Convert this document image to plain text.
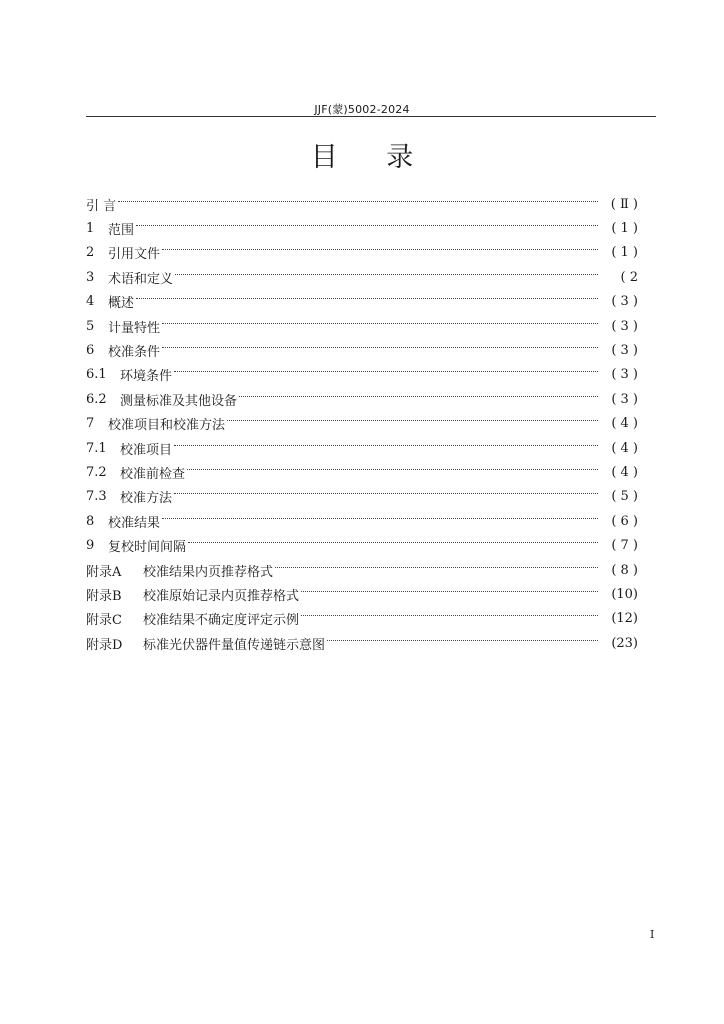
JJF(蒙)5002-2024
目 录
引 言	( Ⅱ )
1	范围	( 1 )
2	引用文件	( 1 )
3	术语和定义	( 2
4	概述	( 3 )
5	计量特性	( 3 )
6	校准条件	( 3 )
6.1	环境条件	( 3 )
6.2	测量标准及其他设备	( 3 )
7	校准项目和校准方法	( 4 )
7.1	校准项目	( 4 )
7.2	校准前检查	( 4 )
7.3	校准方法	( 5 )
8	校准结果	( 6 )
9	复校时间间隔	( 7 )
附录A	校准结果内页推荐格式	( 8 )
附录B	校准原始记录内页推荐格式	(10)
附录C	校准结果不确定度评定示例	(12)
附录D	标准光伏器件量值传递链示意图	(23)
I
